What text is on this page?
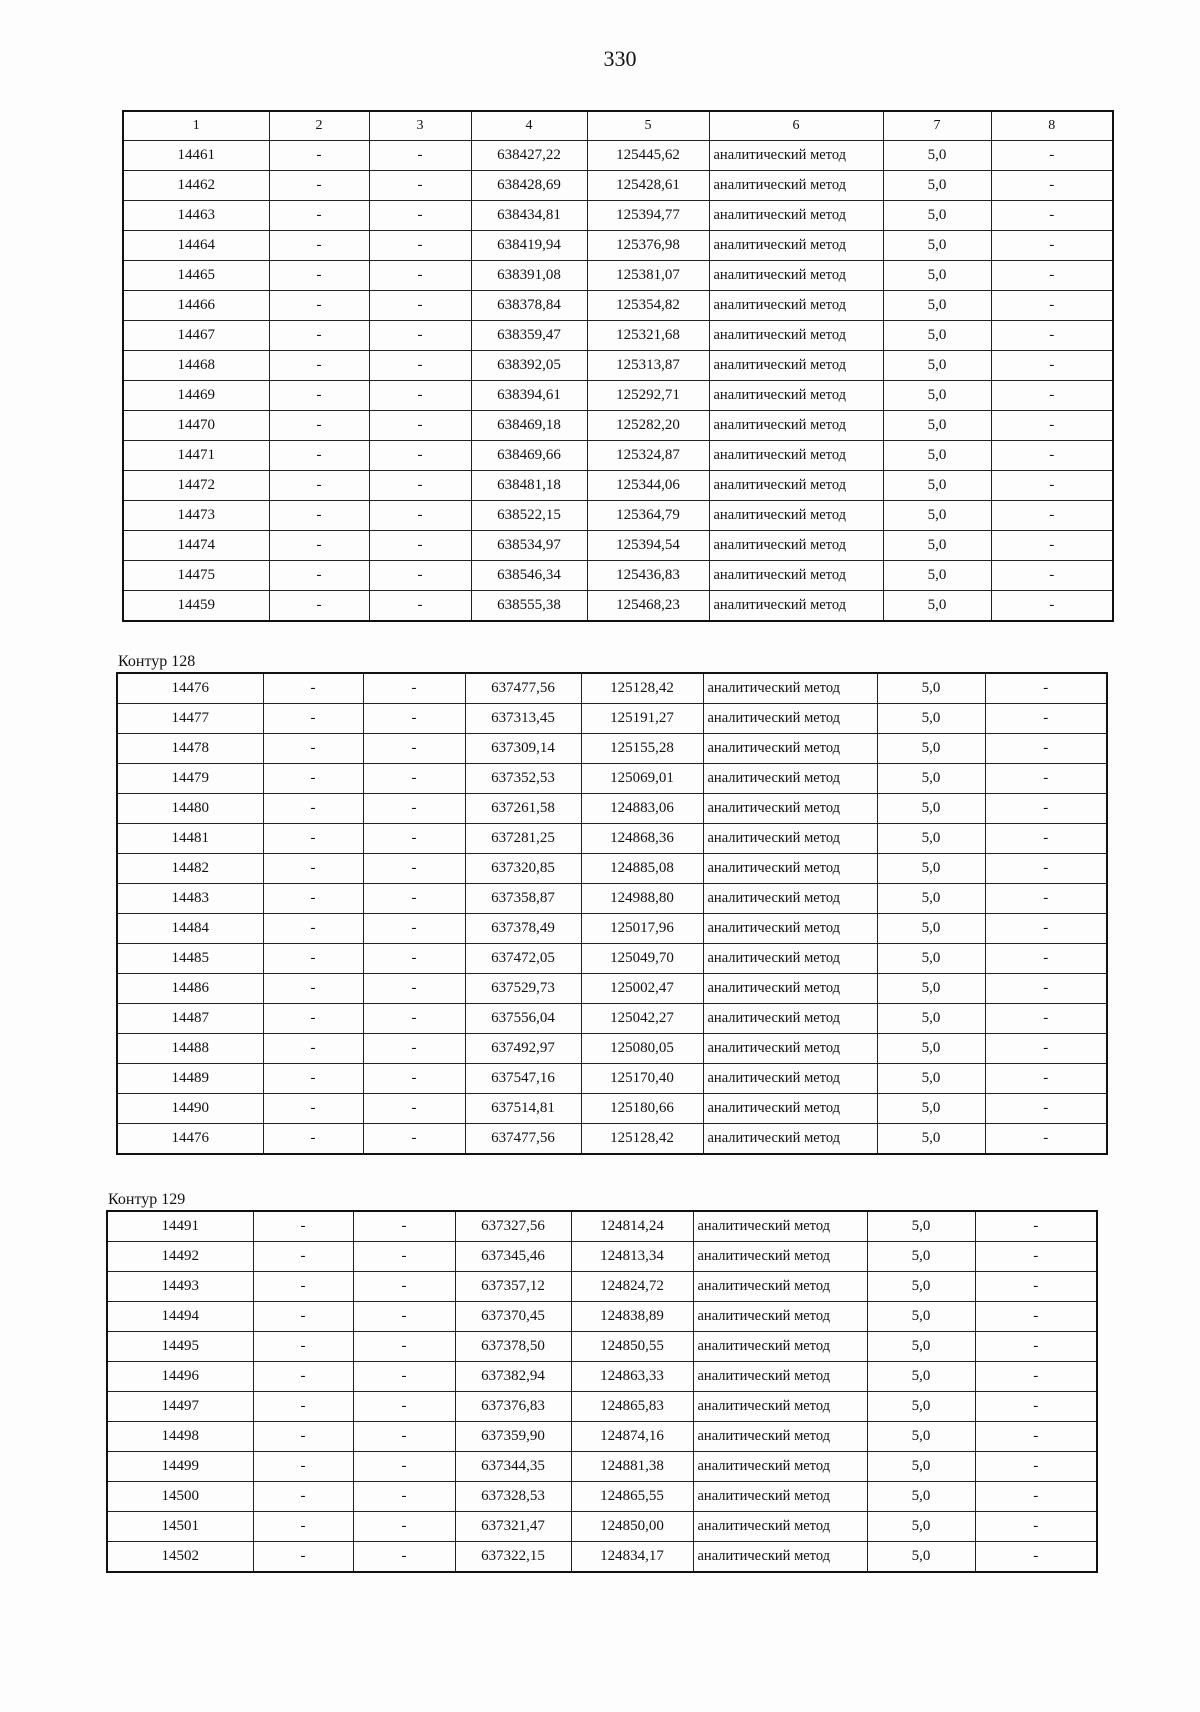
330
1	2	3	4	5	6	7	8
14461	-	-	638427,22	125445,62	аналитический метод	5,0	-
14462	-	-	638428,69	125428,61	аналитический метод	5,0	-
14463	-	-	638434,81	125394,77	аналитический метод	5,0	-
14464	-	-	638419,94	125376,98	аналитический метод	5,0	-
14465	-	-	638391,08	125381,07	аналитический метод	5,0	-
14466	-	-	638378,84	125354,82	аналитический метод	5,0	-
14467	-	-	638359,47	125321,68	аналитический метод	5,0	-
14468	-	-	638392,05	125313,87	аналитический метод	5,0	-
14469	-	-	638394,61	125292,71	аналитический метод	5,0	-
14470	-	-	638469,18	125282,20	аналитический метод	5,0	-
14471	-	-	638469,66	125324,87	аналитический метод	5,0	-
14472	-	-	638481,18	125344,06	аналитический метод	5,0	-
14473	-	-	638522,15	125364,79	аналитический метод	5,0	-
14474	-	-	638534,97	125394,54	аналитический метод	5,0	-
14475	-	-	638546,34	125436,83	аналитический метод	5,0	-
14459	-	-	638555,38	125468,23	аналитический метод	5,0	-
Контур 128
14476	-	-	637477,56	125128,42	аналитический метод	5,0	-
14477	-	-	637313,45	125191,27	аналитический метод	5,0	-
14478	-	-	637309,14	125155,28	аналитический метод	5,0	-
14479	-	-	637352,53	125069,01	аналитический метод	5,0	-
14480	-	-	637261,58	124883,06	аналитический метод	5,0	-
14481	-	-	637281,25	124868,36	аналитический метод	5,0	-
14482	-	-	637320,85	124885,08	аналитический метод	5,0	-
14483	-	-	637358,87	124988,80	аналитический метод	5,0	-
14484	-	-	637378,49	125017,96	аналитический метод	5,0	-
14485	-	-	637472,05	125049,70	аналитический метод	5,0	-
14486	-	-	637529,73	125002,47	аналитический метод	5,0	-
14487	-	-	637556,04	125042,27	аналитический метод	5,0	-
14488	-	-	637492,97	125080,05	аналитический метод	5,0	-
14489	-	-	637547,16	125170,40	аналитический метод	5,0	-
14490	-	-	637514,81	125180,66	аналитический метод	5,0	-
14476	-	-	637477,56	125128,42	аналитический метод	5,0	-
Контур 129
14491	-	-	637327,56	124814,24	аналитический метод	5,0	-
14492	-	-	637345,46	124813,34	аналитический метод	5,0	-
14493	-	-	637357,12	124824,72	аналитический метод	5,0	-
14494	-	-	637370,45	124838,89	аналитический метод	5,0	-
14495	-	-	637378,50	124850,55	аналитический метод	5,0	-
14496	-	-	637382,94	124863,33	аналитический метод	5,0	-
14497	-	-	637376,83	124865,83	аналитический метод	5,0	-
14498	-	-	637359,90	124874,16	аналитический метод	5,0	-
14499	-	-	637344,35	124881,38	аналитический метод	5,0	-
14500	-	-	637328,53	124865,55	аналитический метод	5,0	-
14501	-	-	637321,47	124850,00	аналитический метод	5,0	-
14502	-	-	637322,15	124834,17	аналитический метод	5,0	-
